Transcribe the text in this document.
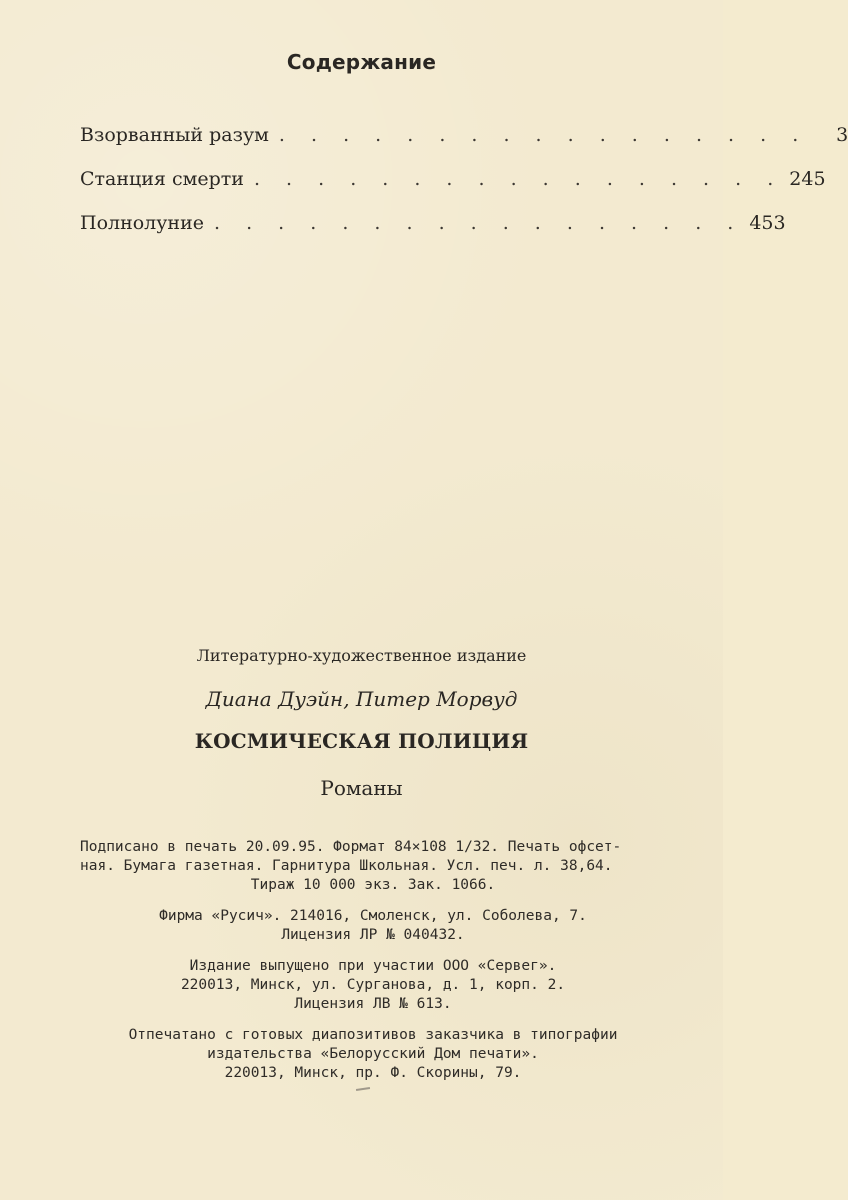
Содержание
Взорванный разум . . . . . . . . . . . . . . . . .	3
Станция смерти . . . . . . . . . . . . . . . . . 245
Полнолуние . . . . . . . . . . . . . . . . . 453
Литературно-художественное издание
Диана Дуэйн, Питер Морвуд
КОСМИЧЕСКАЯ ПОЛИЦИЯ
Романы
Подписано в печать 20.09.95. Формат 84×108 1/32. Печать офсет-
ная. Бумага газетная. Гарнитура Школьная. Усл. печ. л. 38,64.
Тираж 10 000 экз. Зак. 1066.
Фирма «Русич». 214016, Смоленск, ул. Соболева, 7.
Лицензия ЛР № 040432.
Издание выпущено при участии ООО «Сервег».
220013, Минск, ул. Сурганова, д. 1, корп. 2.
Лицензия ЛВ № 613.
Отпечатано с готовых диапозитивов заказчика в типографии
издательства «Белорусский Дом печати».
220013, Минск, пр. Ф. Скорины, 79.
